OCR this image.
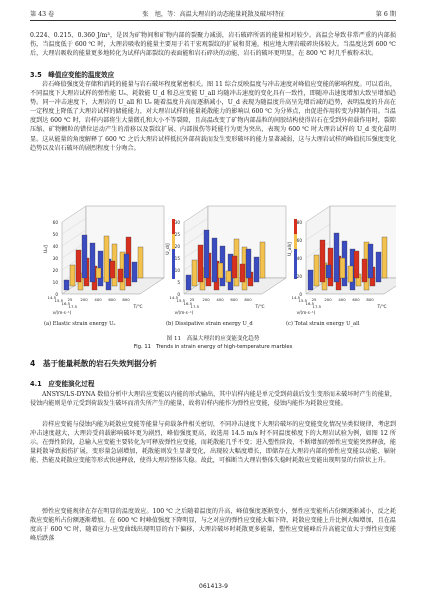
第 43 卷	张　旭，等：高温大理岩的动态能量耗散及破坏特征	第 6 期
0.224、0.215、0.360 J/m³，是因为矿物间和矿物内部的裂聚力减弱，岩石破碎所需的能量相对较少。高温会导致非常严重的内部损伤，当温度低于 600 ℃ 时，大理岩吸收的能量主要用于若干宏观裂纹的扩展和贯通，相应地大理岩破碎块体较大。当温度达到 600 ℃ 后，大理岩吸收的能量更多地转化为试样内部裂纹的表面能和岩石碎块的动能，岩石的破坏更明显，在 800 ℃ 时几乎被粉末状。
3.5　峰值应变能的温度效应
岩石峰值强度处存储和消耗的能量与岩石破坏程度紧密相关。图 11 综合反映温度与冲击速度对峰值应变能的影响程度。可以看出，不同温度下大理岩试样的弹性能 Uₑ、耗散能 U_d 和总应变能 U_all 均随冲击速度的变化具有一致性，即随冲击速度增加大致呈增加趋势。同一冲击速度下，大理岩的 U_all 和 Uₑ 随着温度升高而逐渐减小，U_d 表现为随温度升高呈先增后减的趋势，表明温度的升高在一定程度上降低了大理岩试样的储能能力，对大理岩试样的能量耗散能力的影响以 600 ℃ 为分界点，由促进作用转变为抑制作用。当温度到达 600 ℃ 时，岩样内部将生大量微孔和大小不等裂隙，且高温改变了矿物内部晶粒的间胶结构使得岩石在受到外荷载作用时，裂隙压缩、矿物颗粒的错位运动产生的滑移以及裂纹扩展、内部损伤等耗能行为更为突出，表现为 600 ℃ 时大理岩试样的 U_d 变化最明显。这从能量的角度解释了 600 ℃ 之后大理岩试样抵抗外部荷载而发生变形破坏的能力显著减弱，这与大理岩试样的峰值抗压强度变化趋势以及岩石破坏的剧烈程度十分吻合。
0
10
20
30
40
50
60
Uₑ/J
14.5
15.5
16.5
17.5
v/(m·s⁻¹)
25 200 400 600 800
T/℃
0
5
10
15
20
25
30
U_d/J
14.5
15.5
16.5
17.5
v/(m·s⁻¹)
25 200 400 600 800
T/℃
0
20
40
60
80
U_all/J
14.5
15.5
16.5
17.5
v/(m·s⁻¹)
25 200 400 600 800
T/℃
(a) Elastic strain energy Uₑ	(b) Dissipative strain energy U_d	(c) Total strain energy U_all
图 11　高温大理岩的应变能变化趋势
Fig. 11　Trends in strain energy of high-temperature marbles
4　基于能量耗散的岩石失效判据分析
4.1　应变能演化过程
ANSYS/LS-DYNA 数值分析中大理岩应变能以内能的形式输出，其中岩样内能是单元受到荷载后发生变形而未破坏时产生的能量，侵蚀内能则是单元受到荷载发生破坏而消失所产生的能量，故将岩样内能作为弹性应变能，侵蚀内能作为耗散应变能。
岩样应变能与侵蚀内能为耗散应变能等能量与荷载条件相关密切，不同冲击速度下大理岩破坏的应变能变化情况呈类似规律，考虑到冲击速度越大，大理岩受荷载影响破坏更为剧烈，峰值强度更高，故选用 14.5 m/s 时不同温度梯度下的大理岩试验为例，如图 12 所示。在弹性阶段，总输入应变能主要转化为可释放弹性应变能，而耗散能几乎不变；进入塑性阶段，不断增加的弹性应变能突然释放，能量耗散导致损伤扩展，变形量急剧增加，耗散能则发生显著变化，出现较大幅度增长，即储存在大理岩内部的弹性应变能以动能、辐射能、热能及耗散应变能等形式快速释放，使得大理岩整体失稳。故此，可推断当大理岩整体失稳时耗散应变能出现明显的台阶状上升。
弹性应变能规律在存在明显的温度效应。100 ℃ 之后随着温度的升高，峰值强度逐渐变小，弹性应变能所占份额逐渐减小，反之耗散应变能所占份额逐渐增加。在 600 ℃ 时峰值强度下降明显，与之对应的弹性应变能大幅下降，耗散应变能上升比例大幅增加，且在温度高于 600 ℃ 时，随着应力-应变曲线出现明显的右下偏移，大理岩破坏时耗散更多能量，塑性应变能峰后升高能定值大于弹性应变能峰后跌落
061413-9
